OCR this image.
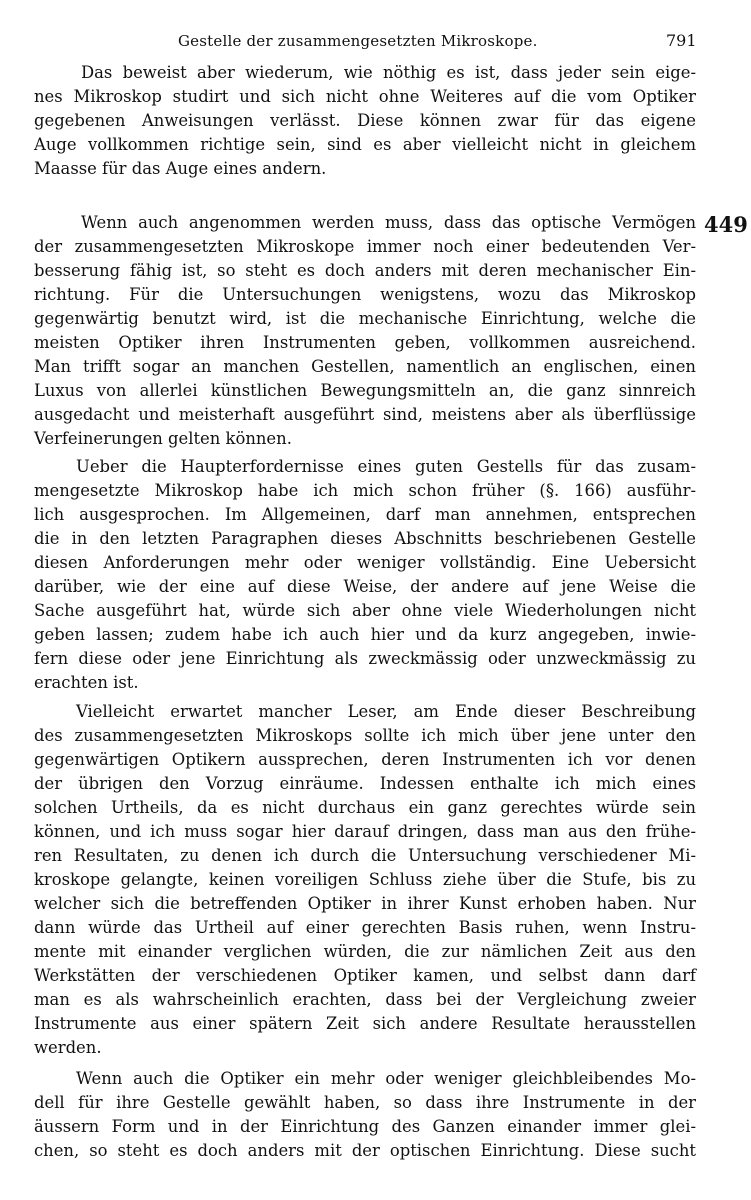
Gestelle der zusammengesetzten Mikroskope.	791
449
Das beweist aber wiederum, wie nöthig es ist, dass jeder sein eige-
nes Mikroskop studirt und sich nicht ohne Weiteres auf die vom Optiker
gegebenen Anweisungen verlässt. Diese können zwar für das eigene
Auge vollkommen richtige sein, sind es aber vielleicht nicht in gleichem
Maasse für das Auge eines andern.
Wenn auch angenommen werden muss, dass das optische Vermögen
der zusammengesetzten Mikroskope immer noch einer bedeutenden Ver-
besserung fähig ist, so steht es doch anders mit deren mechanischer Ein-
richtung. Für die Untersuchungen wenigstens, wozu das Mikroskop
gegenwärtig benutzt wird, ist die mechanische Einrichtung, welche die
meisten Optiker ihren Instrumenten geben, vollkommen ausreichend.
Man trifft sogar an manchen Gestellen, namentlich an englischen, einen
Luxus von allerlei künstlichen Bewegungsmitteln an, die ganz sinnreich
ausgedacht und meisterhaft ausgeführt sind, meistens aber als überflüssige
Verfeinerungen gelten können.
Ueber die Haupterfordernisse eines guten Gestells für das zusam-
mengesetzte Mikroskop habe ich mich schon früher (§. 166) ausführ-
lich ausgesprochen. Im Allgemeinen, darf man annehmen, entsprechen
die in den letzten Paragraphen dieses Abschnitts beschriebenen Gestelle
diesen Anforderungen mehr oder weniger vollständig. Eine Uebersicht
darüber, wie der eine auf diese Weise, der andere auf jene Weise die
Sache ausgeführt hat, würde sich aber ohne viele Wiederholungen nicht
geben lassen; zudem habe ich auch hier und da kurz angegeben, inwie-
fern diese oder jene Einrichtung als zweckmässig oder unzweckmässig zu
erachten ist.
Vielleicht erwartet mancher Leser, am Ende dieser Beschreibung
des zusammengesetzten Mikroskops sollte ich mich über jene unter den
gegenwärtigen Optikern aussprechen, deren Instrumenten ich vor denen
der übrigen den Vorzug einräume. Indessen enthalte ich mich eines
solchen Urtheils, da es nicht durchaus ein ganz gerechtes würde sein
können, und ich muss sogar hier darauf dringen, dass man aus den frühe-
ren Resultaten, zu denen ich durch die Untersuchung verschiedener Mi-
kroskope gelangte, keinen voreiligen Schluss ziehe über die Stufe, bis zu
welcher sich die betreffenden Optiker in ihrer Kunst erhoben haben. Nur
dann würde das Urtheil auf einer gerechten Basis ruhen, wenn Instru-
mente mit einander verglichen würden, die zur nämlichen Zeit aus den
Werkstätten der verschiedenen Optiker kamen, und selbst dann darf
man es als wahrscheinlich erachten, dass bei der Vergleichung zweier
Instrumente aus einer spätern Zeit sich andere Resultate herausstellen
werden.
Wenn auch die Optiker ein mehr oder weniger gleichbleibendes Mo-
dell für ihre Gestelle gewählt haben, so dass ihre Instrumente in der
äussern Form und in der Einrichtung des Ganzen einander immer glei-
chen, so steht es doch anders mit der optischen Einrichtung. Diese sucht
